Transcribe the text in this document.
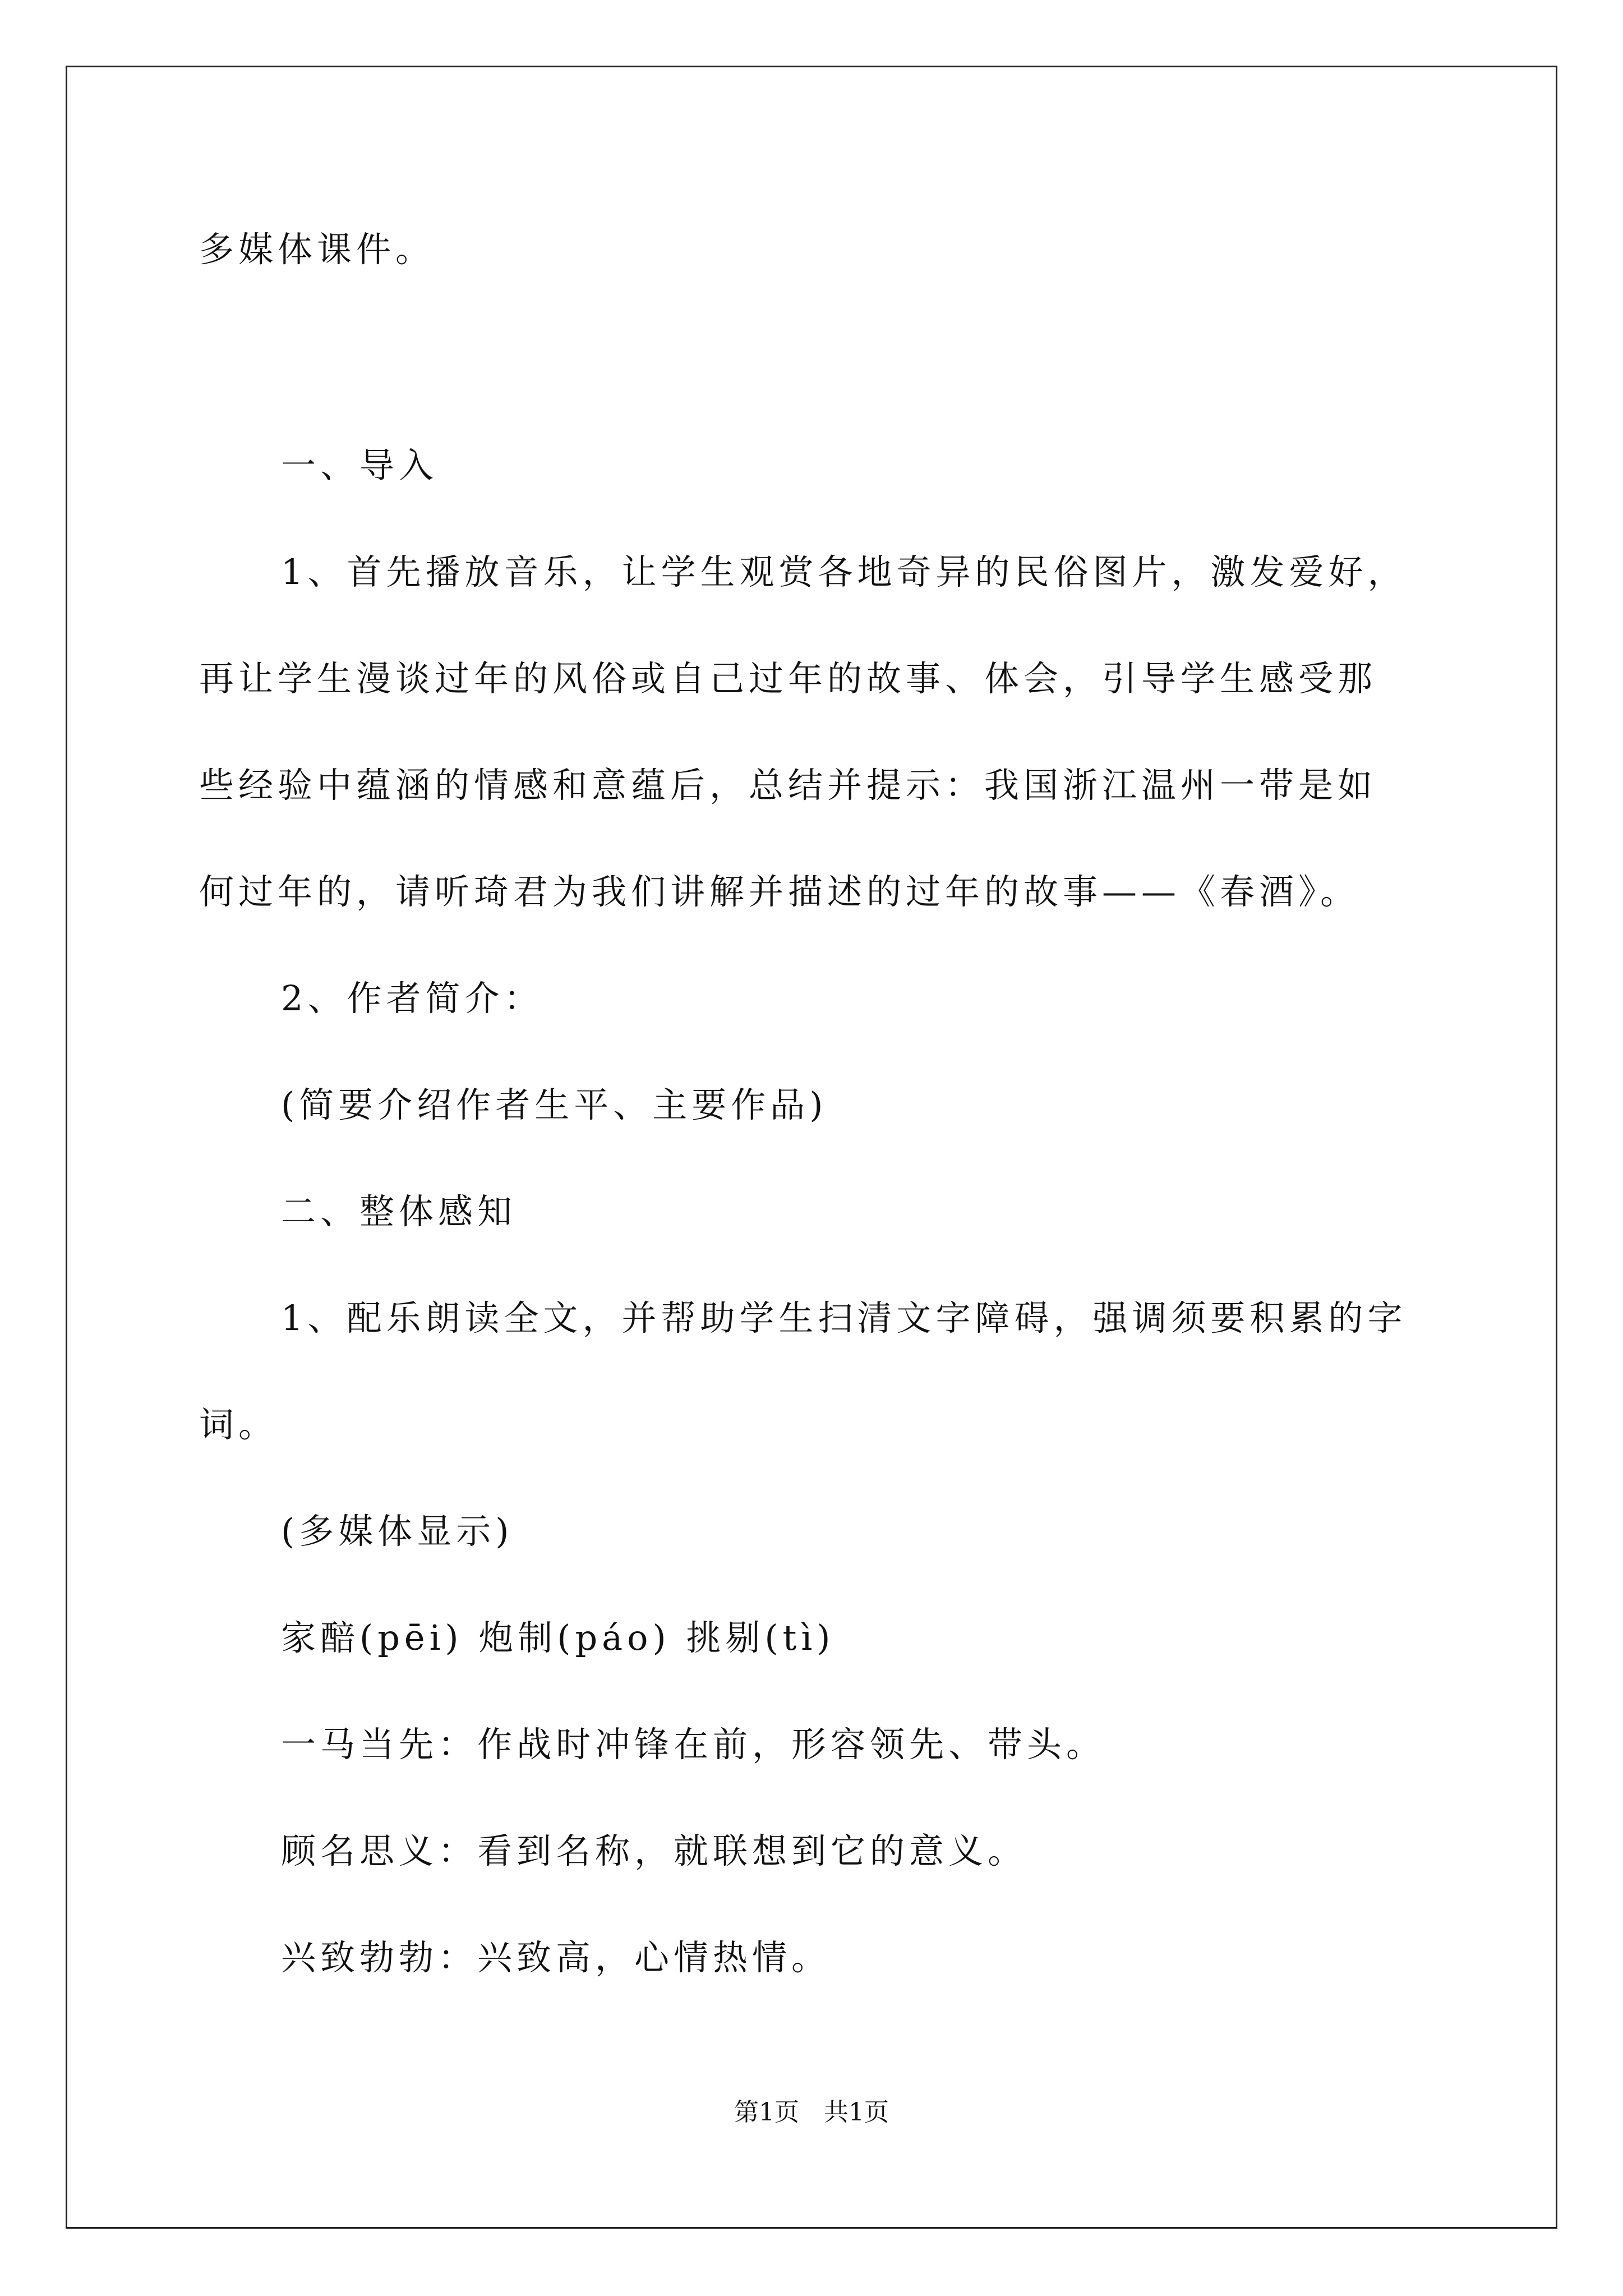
多媒体课件。
一、导入
1、首先播放音乐，让学生观赏各地奇异的民俗图片，激发爱好，
再让学生漫谈过年的风俗或自己过年的故事、体会，引导学生感受那
些经验中蕴涵的情感和意蕴后，总结并提示：我国浙江温州一带是如
何过年的，请听琦君为我们讲解并描述的过年的故事——《春酒》。
2、作者简介：
(简要介绍作者生平、主要作品)
二、整体感知
1、配乐朗读全文，并帮助学生扫清文字障碍，强调须要积累的字
词。
(多媒体显示)
家醅(pēi) 炮制(páo) 挑剔(tì)
一马当先：作战时冲锋在前，形容领先、带头。
顾名思义：看到名称，就联想到它的意义。
兴致勃勃：兴致高，心情热情。
第1页　共1页
